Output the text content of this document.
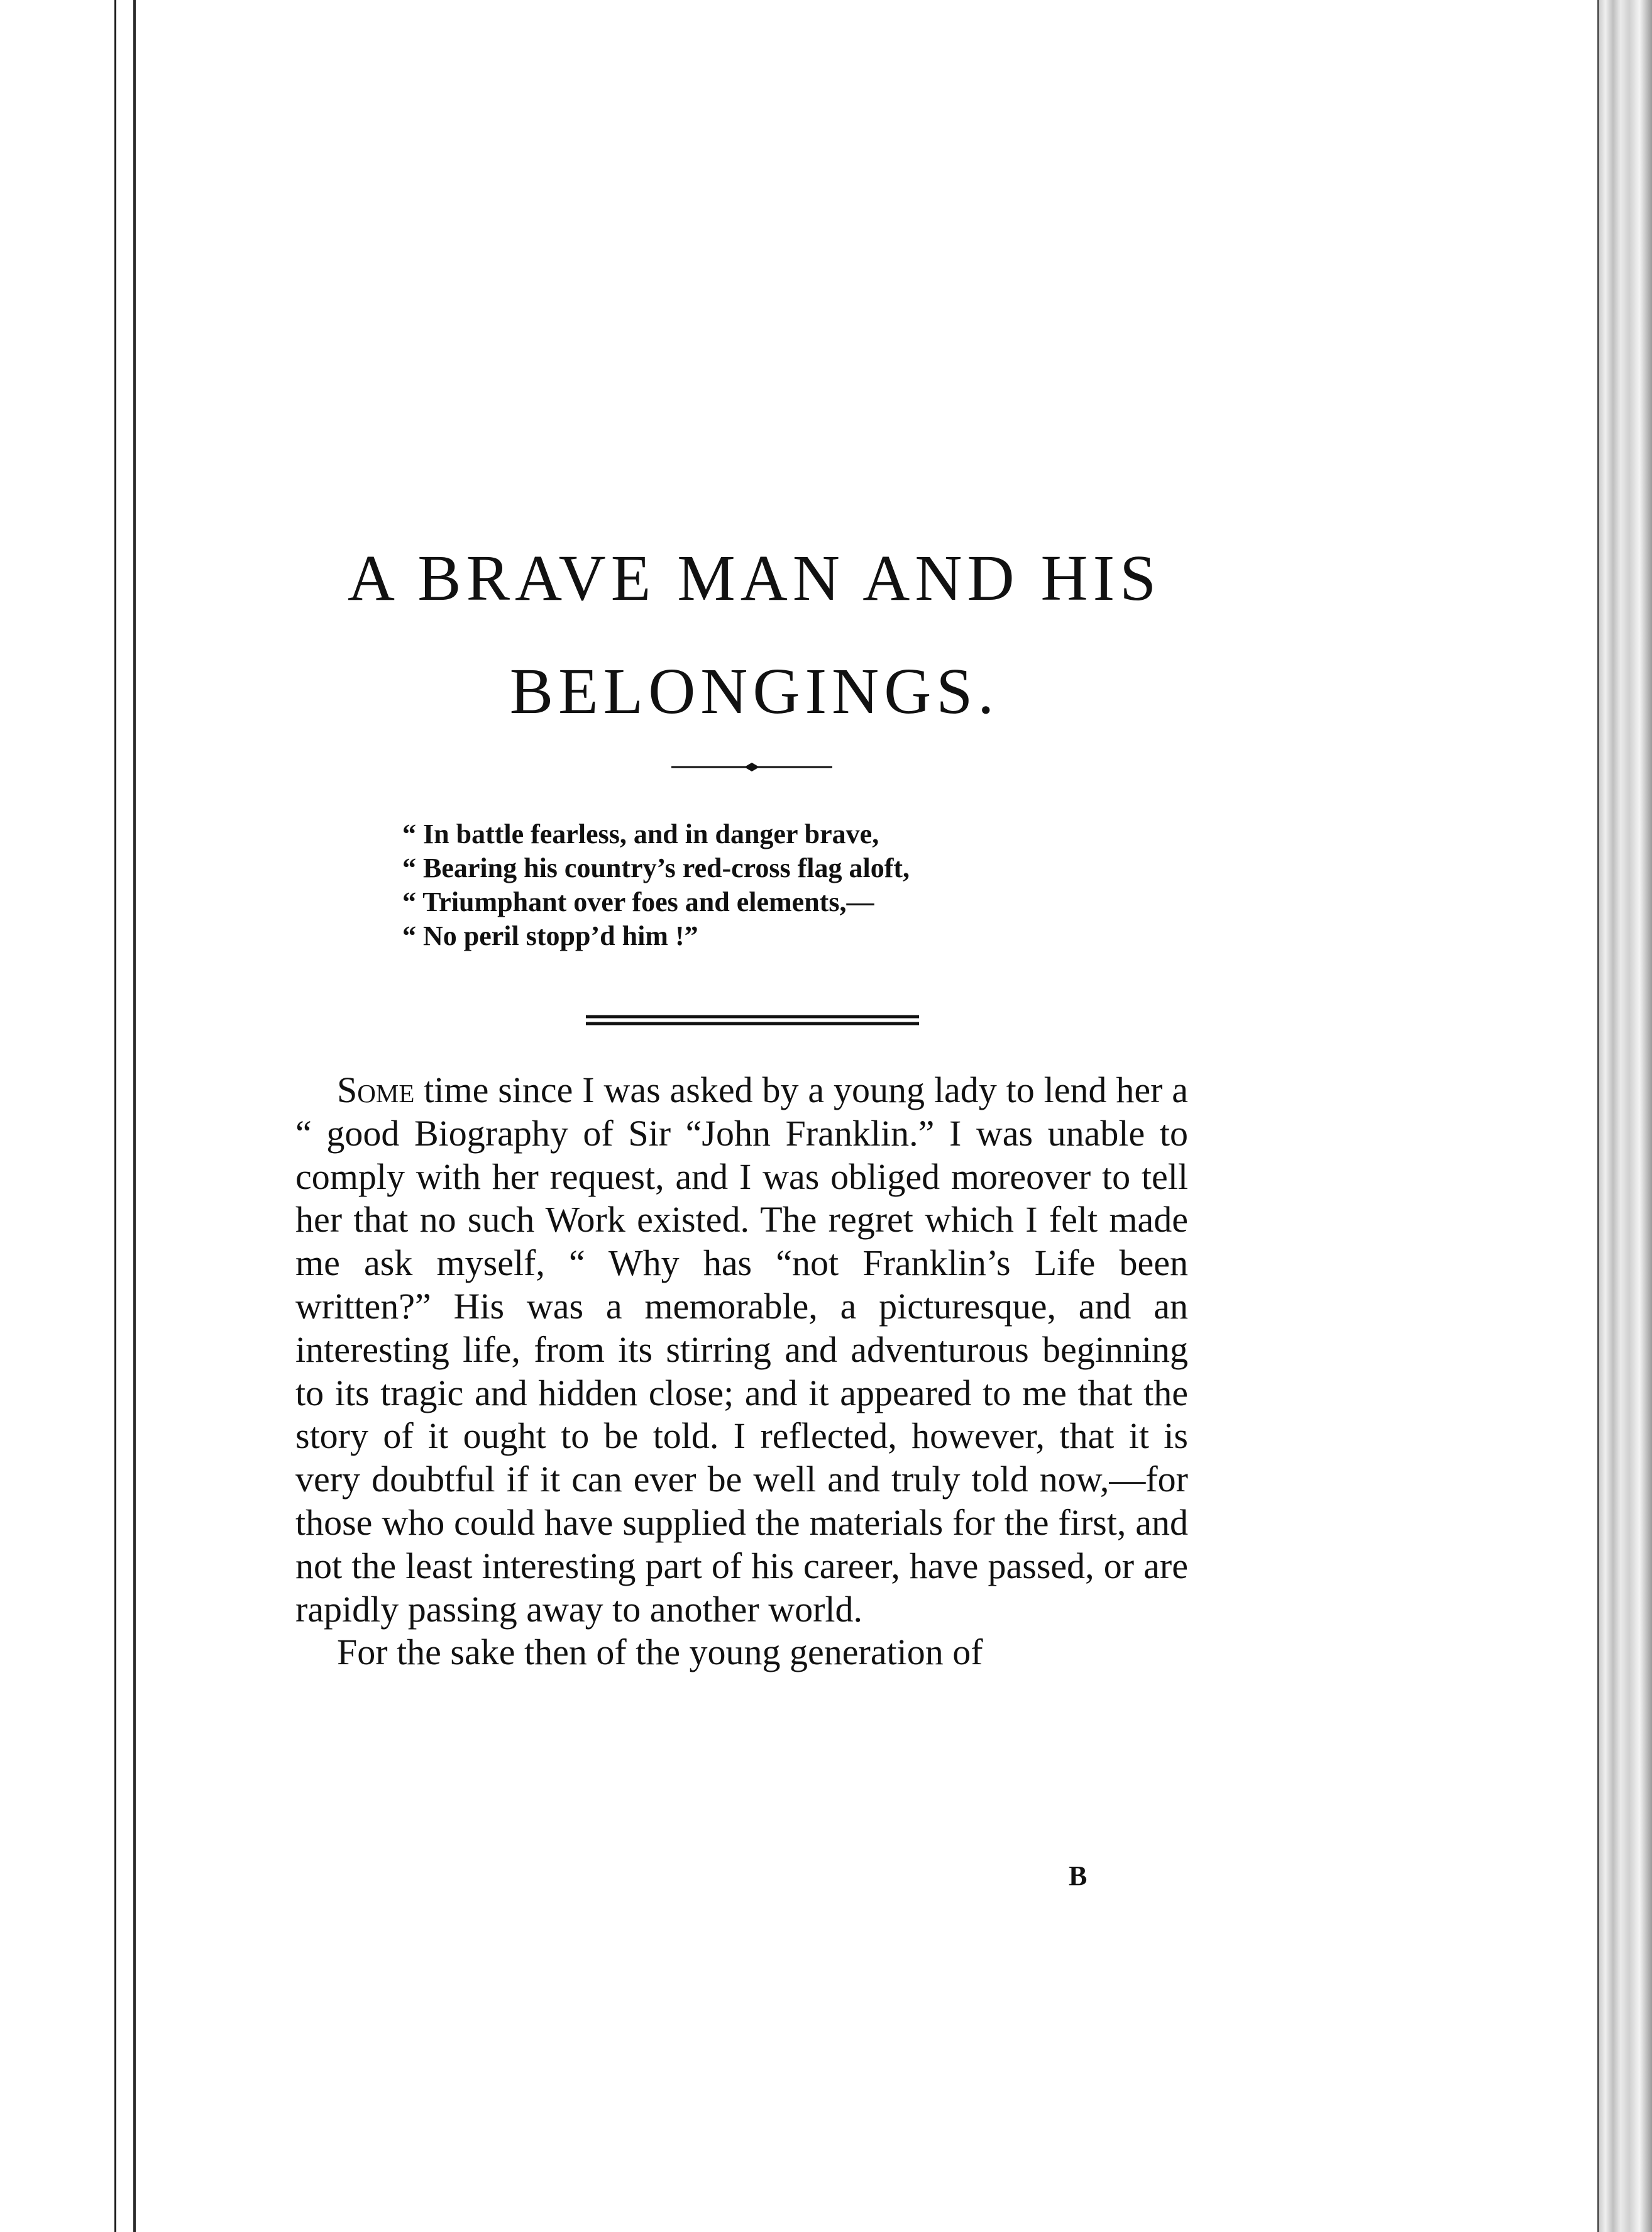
A BRAVE MAN AND HIS
BELONGINGS.
“ In battle fearless, and in danger brave,
“ Bearing his country’s red-cross flag aloft,
“ Triumphant over foes and elements,—
“ No peril stopp’d him !”

Some time since I was asked by a young lady to lend her a “ good Biography of Sir “John Franklin.” I was unable to comply with her request, and I was obliged moreover to tell her that no such Work existed. The regret which I felt made me ask myself, “ Why has “not Franklin’s Life been written?” His was a memorable, a picturesque, and an interesting life, from its stirring and adventurous beginning to its tragic and hidden close; and it appeared to me that the story of it ought to be told. I reflected, however, that it is very doubtful if it can ever be well and truly told now,—for those who could have supplied the materials for the first, and not the least interesting part of his career, have passed, or are rapidly passing away to another world.

For the sake then of the young generation of

B
